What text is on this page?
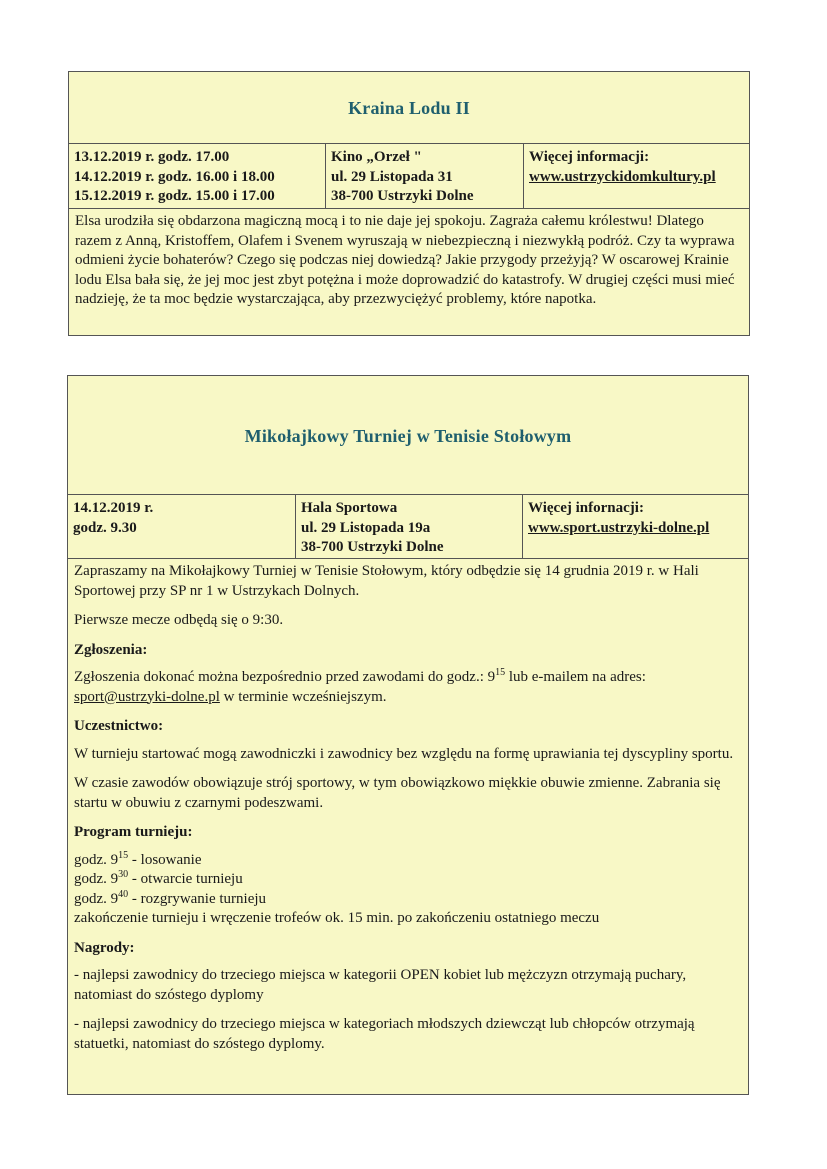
Kraina Lodu II
13.12.2019 r. godz. 17.00
14.12.2019 r. godz. 16.00 i 18.00
15.12.2019 r. godz. 15.00 i 17.00
Kino „Orzeł "
ul. 29 Listopada 31
38-700 Ustrzyki Dolne
Więcej informacji:
www.ustrzyckidomkultury.pl

Elsa urodziła się obdarzona magiczną mocą i to nie daje jej spokoju. Zagraża całemu królestwu! Dlatego razem z Anną, Kristoffem, Olafem i Svenem wyruszają w niebezpieczną i niezwykłą podróż. Czy ta wyprawa odmieni życie bohaterów? Czego się podczas niej dowiedzą? Jakie przygody przeżyją? W oscarowej Krainie lodu Elsa bała się, że jej moc jest zbyt potężna i może doprowadzić do katastrofy. W drugiej części musi mieć nadzieję, że ta moc będzie wystarczająca, aby przezwyciężyć problemy, które napotka.

Mikołajkowy Turniej w Tenisie Stołowym
14.12.2019 r.
godz. 9.30
Hala Sportowa
ul. 29 Listopada 19a
38-700 Ustrzyki Dolne
Więcej infornacji:
www.sport.ustrzyki-dolne.pl

Zapraszamy na Mikołajkowy Turniej w Tenisie Stołowym, który odbędzie się 14 grudnia 2019 r. w Hali Sportowej przy SP nr 1 w Ustrzykach Dolnych.

Pierwsze mecze odbędą się o 9:30.

Zgłoszenia:

Zgłoszenia dokonać można bezpośrednio przed zawodami do godz.: $9^{15}$ lub e-mailem na adres:
sport@ustrzyki-dolne.pl w terminie wcześniejszym.

Uczestnictwo:

W turnieju startować mogą zawodniczki i zawodnicy bez względu na formę uprawiania tej dyscypliny sportu.

W czasie zawodów obowiązuje strój sportowy, w tym obowiązkowo miękkie obuwie zmienne. Zabrania się startu w obuwiu z czarnymi podeszwami.

Program turnieju:

godz. $9^{15}$ - losowanie
godz. $9^{30}$ - otwarcie turnieju
godz. $9^{40}$ - rozgrywanie turnieju
zakończenie turnieju i wręczenie trofeów ok. 15 min. po zakończeniu ostatniego meczu

Nagrody:

- najlepsi zawodnicy do trzeciego miejsca w kategorii OPEN kobiet lub mężczyzn otrzymają puchary, natomiast do szóstego dyplomy

- najlepsi zawodnicy do trzeciego miejsca w kategoriach młodszych dziewcząt lub chłopców otrzymają statuetki, natomiast do szóstego dyplomy.
